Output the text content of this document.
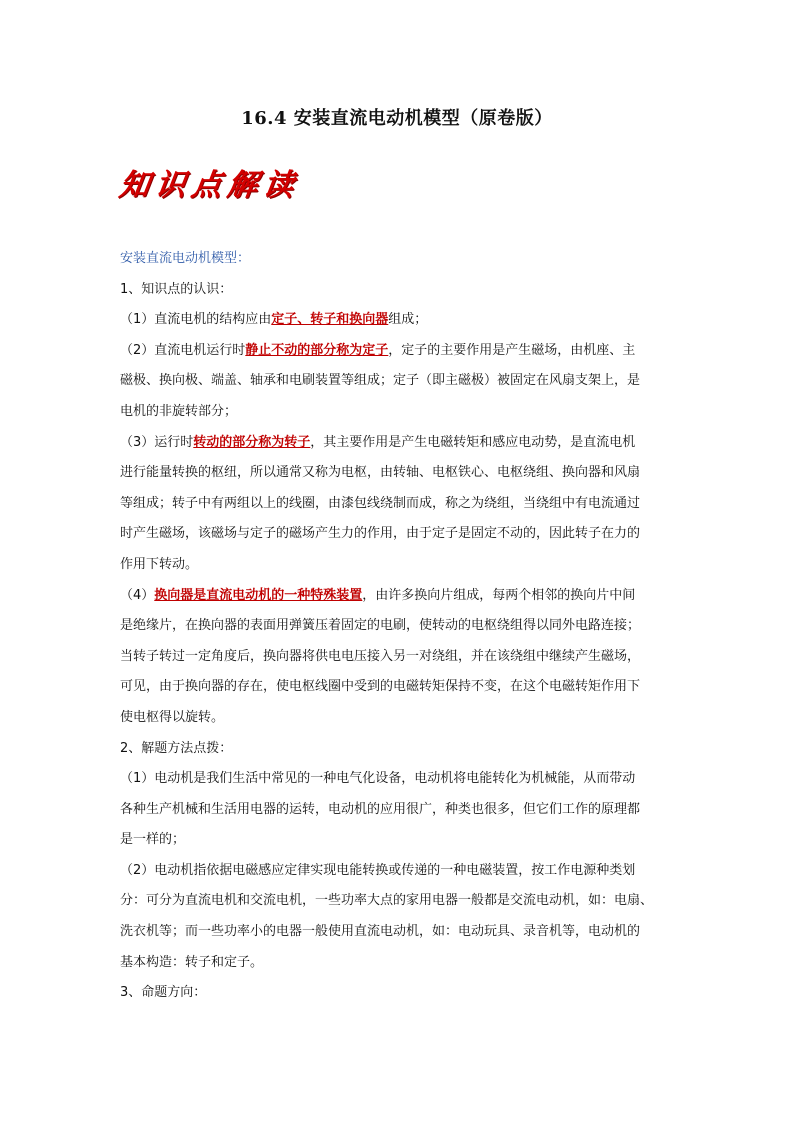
16.4 安装直流电动机模型（原卷版）
知识点解读
安装直流电动机模型：
1、知识点的认识：
（1）直流电机的结构应由定子、转子和换向器组成；
（2）直流电机运行时静止不动的部分称为定子，定子的主要作用是产生磁场，由机座、主
磁极、换向极、端盖、轴承和电刷装置等组成；定子（即主磁极）被固定在风扇支架上，是
电机的非旋转部分；
（3）运行时转动的部分称为转子，其主要作用是产生电磁转矩和感应电动势，是直流电机
进行能量转换的枢纽，所以通常又称为电枢，由转轴、电枢铁心、电枢绕组、换向器和风扇
等组成；转子中有两组以上的线圈，由漆包线绕制而成，称之为绕组，当绕组中有电流通过
时产生磁场，该磁场与定子的磁场产生力的作用，由于定子是固定不动的，因此转子在力的
作用下转动。
（4）换向器是直流电动机的一种特殊装置，由许多换向片组成，每两个相邻的换向片中间
是绝缘片，在换向器的表面用弹簧压着固定的电刷，使转动的电枢绕组得以同外电路连接；
当转子转过一定角度后，换向器将供电电压接入另一对绕组，并在该绕组中继续产生磁场，
可见，由于换向器的存在，使电枢线圈中受到的电磁转矩保持不变，在这个电磁转矩作用下
使电枢得以旋转。
2、解题方法点拨：
（1）电动机是我们生活中常见的一种电气化设备，电动机将电能转化为机械能，从而带动
各种生产机械和生活用电器的运转，电动机的应用很广，种类也很多，但它们工作的原理都
是一样的；
（2）电动机指依据电磁感应定律实现电能转换或传递的一种电磁装置，按工作电源种类划
分：可分为直流电机和交流电机，一些功率大点的家用电器一般都是交流电动机，如：电扇、
洗衣机等；而一些功率小的电器一般使用直流电动机，如：电动玩具、录音机等，电动机的
基本构造：转子和定子。
3、命题方向：
